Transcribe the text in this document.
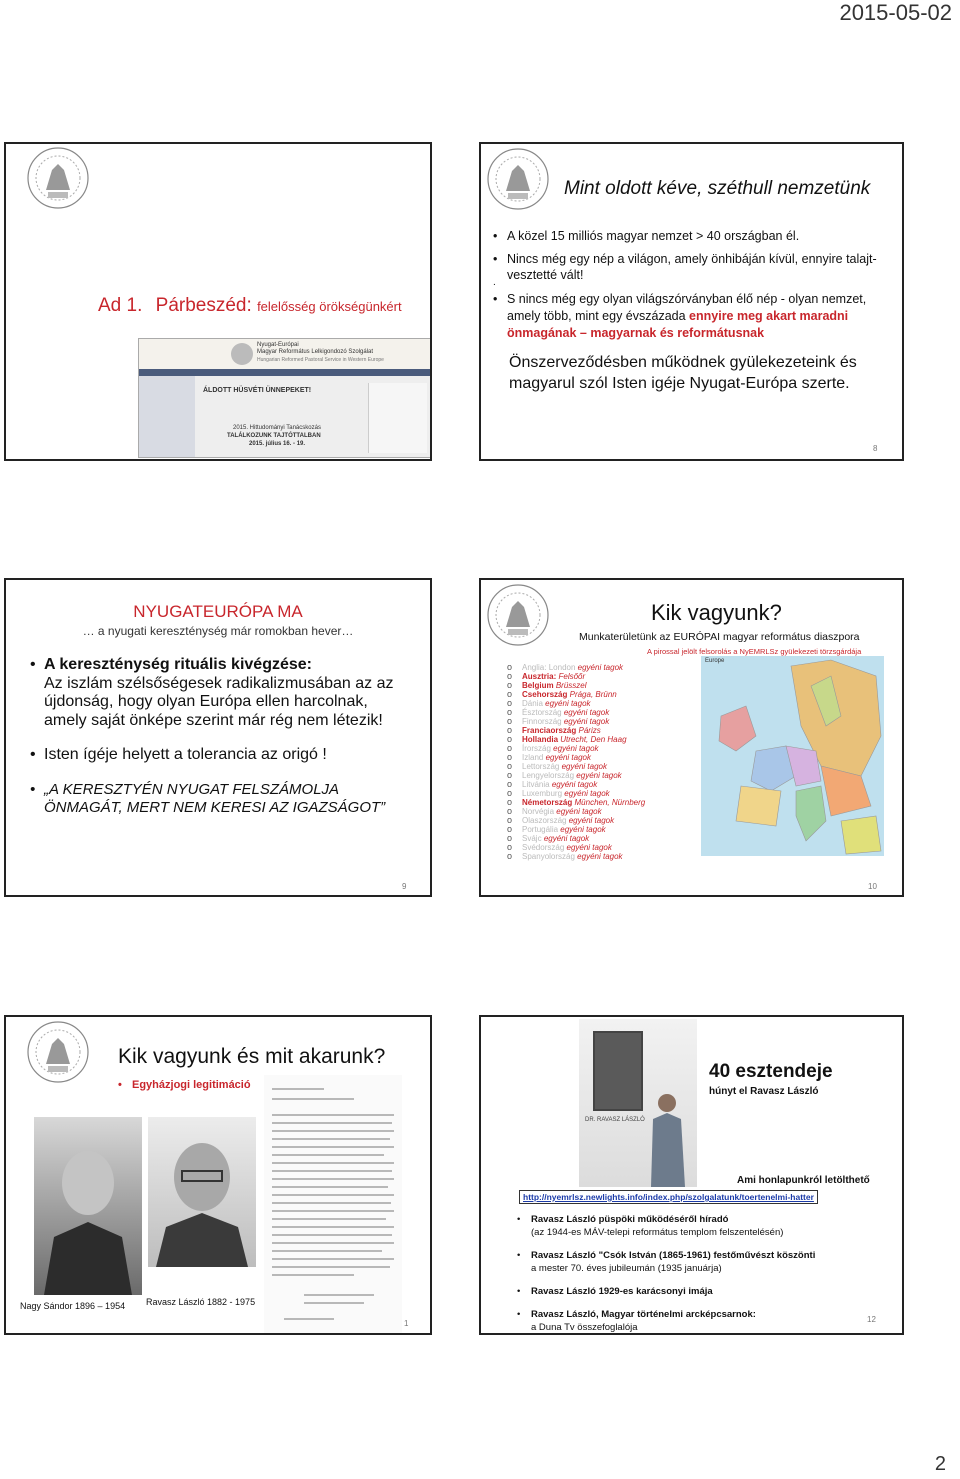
2015-05-02
2
Ad 1. Párbeszéd: felelősség örökségünkért
Nyugat-Európai
Magyar Református Lelkigondozó Szolgálat
Hungarian Reformed Pastoral Service in Western Europe
ÁLDOTT HÜSVÉTI ÜNNEPEKET!
2015. Hittudományi Tanácskozás
TALÁLKOZUNK TAJTÓTTALBAN
2015. július 16. - 19.
Mint oldott kéve, széthull nemzetünk
• A közel 15 milliós magyar nemzet > 40 országban él.
• Nincs még egy nép a világon, amely önhibáján kívül, ennyire talajt-vesztetté vált!
.
• S nincs még egy olyan világszórványban élő nép - olyan nemzet, amely több, mint egy évszázada ennyire meg akart maradni önmagának – magyarnak és reformátusnak
Önszerveződésben működnek gyülekezeteink és magyarul szól Isten igéje Nyugat-Európa szerte.
8
NYUGATEURÓPA MA
… a nyugati kereszténység már romokban hever…
• A kereszténység rituális kivégzése:
Az iszlám szélsőségesek radikalizmusában az az újdonság, hogy olyan Európa ellen harcolnak, amely saját önképe szerint már rég nem létezik!
• Isten ígéje helyett a tolerancia az origó !
• „A KERESZTYÉN NYUGAT FELSZÁMOLJA ÖNMAGÁT, MERT NEM KERESI AZ IGAZSÁGOT”
9
Kik vagyunk?
Munkaterületünk az EURÓPAI magyar református diaszpora
A pirossal jelölt felsorolás a NyEMRLSz gyülekezeti törzsgárdája
o Anglia: London egyéni tagok
o Ausztria: Felsőőr
o Belgium Brüsszel
o Csehország Prága, Brünn
o Dánia egyéni tagok
o Észtország egyéni tagok
o Finnország egyéni tagok
o Franciaország Párizs
o Hollandia Utrecht, Den Haag
o Írország egyéni tagok
o Izland egyéni tagok
o Lettország egyéni tagok
o Lengyelország egyéni tagok
o Litvánia egyéni tagok
o Luxemburg egyéni tagok
o Németország München, Nürnberg
o Norvégia egyéni tagok
o Olaszország egyéni tagok
o Portugália egyéni tagok
o Svájc egyéni tagok
o Svédország egyéni tagok
o Spanyolország egyéni tagok
Europe
10
Kik vagyunk és mit akarunk?
• Egyházjogi legitimáció
Nagy Sándor 1896 – 1954 Ravasz László 1882 - 1975
1
DR. RAVASZ LÁSZLÓ
40 esztendeje
húnyt el Ravasz László
Ami honlapunkról letölthető
http://nyemrlsz.newlights.info/index.php/szolgalatunk/toertenelmi-hatter
• Ravasz László püspöki működéséről híradó
(az 1944-es MÁV-telepi református templom felszentelésén)
• Ravasz László "Csók István (1865-1961) festőművészt köszönti
a mester 70. éves jubileumán (1935 januárja)
• Ravasz László 1929-es karácsonyi imája
• Ravasz László, Magyar történelmi arcképcsarnok:
a Duna Tv összefoglalója
12
